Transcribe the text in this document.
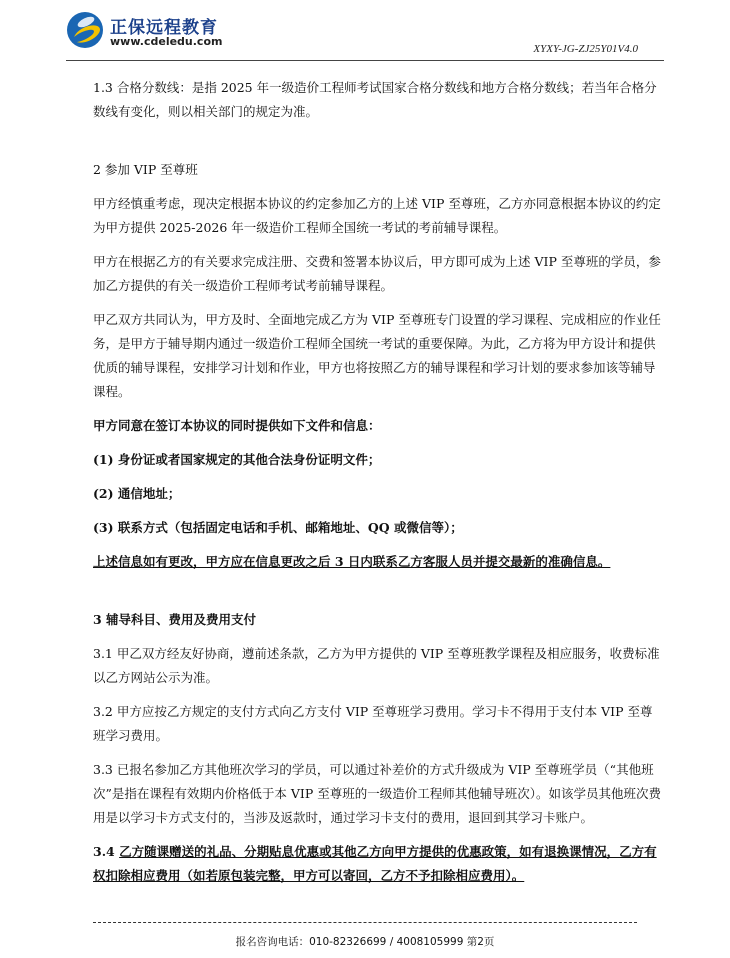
正保远程教育
www.cdeledu.com
XYXY-JG-ZJ25Y01V4.0

1.3 合格分数线：是指 2025 年一级造价工程师考试国家合格分数线和地方合格分数线；若当年合格分数线有变化，则以相关部门的规定为准。

2 参加 VIP 至尊班

甲方经慎重考虑，现决定根据本协议的约定参加乙方的上述 VIP 至尊班，乙方亦同意根据本协议的约定为甲方提供 2025-2026 年一级造价工程师全国统一考试的考前辅导课程。

甲方在根据乙方的有关要求完成注册、交费和签署本协议后，甲方即可成为上述 VIP 至尊班的学员，参加乙方提供的有关一级造价工程师考试考前辅导课程。

甲乙双方共同认为，甲方及时、全面地完成乙方为 VIP 至尊班专门设置的学习课程、完成相应的作业任务，是甲方于辅导期内通过一级造价工程师全国统一考试的重要保障。为此，乙方将为甲方设计和提供优质的辅导课程，安排学习计划和作业，甲方也将按照乙方的辅导课程和学习计划的要求参加该等辅导课程。

甲方同意在签订本协议的同时提供如下文件和信息：

(1) 身份证或者国家规定的其他合法身份证明文件；

(2) 通信地址；

(3) 联系方式（包括固定电话和手机、邮箱地址、QQ 或微信等）；

上述信息如有更改，甲方应在信息更改之后 3 日内联系乙方客服人员并提交最新的准确信息。

3 辅导科目、费用及费用支付

3.1 甲乙双方经友好协商，遵前述条款，乙方为甲方提供的 VIP 至尊班教学课程及相应服务，收费标准以乙方网站公示为准。

3.2 甲方应按乙方规定的支付方式向乙方支付 VIP 至尊班学习费用。学习卡不得用于支付本 VIP 至尊班学习费用。

3.3 已报名参加乙方其他班次学习的学员，可以通过补差价的方式升级成为 VIP 至尊班学员（“其他班次”是指在课程有效期内价格低于本 VIP 至尊班的一级造价工程师其他辅导班次）。如该学员其他班次费用是以学习卡方式支付的，当涉及返款时，通过学习卡支付的费用，退回到其学习卡账户。

3.4 乙方随课赠送的礼品、分期贴息优惠或其他乙方向甲方提供的优惠政策，如有退换课情况，乙方有权扣除相应费用（如若原包装完整，甲方可以寄回，乙方不予扣除相应费用）。

报名咨询电话：010-82326699 / 4008105999 第2页
